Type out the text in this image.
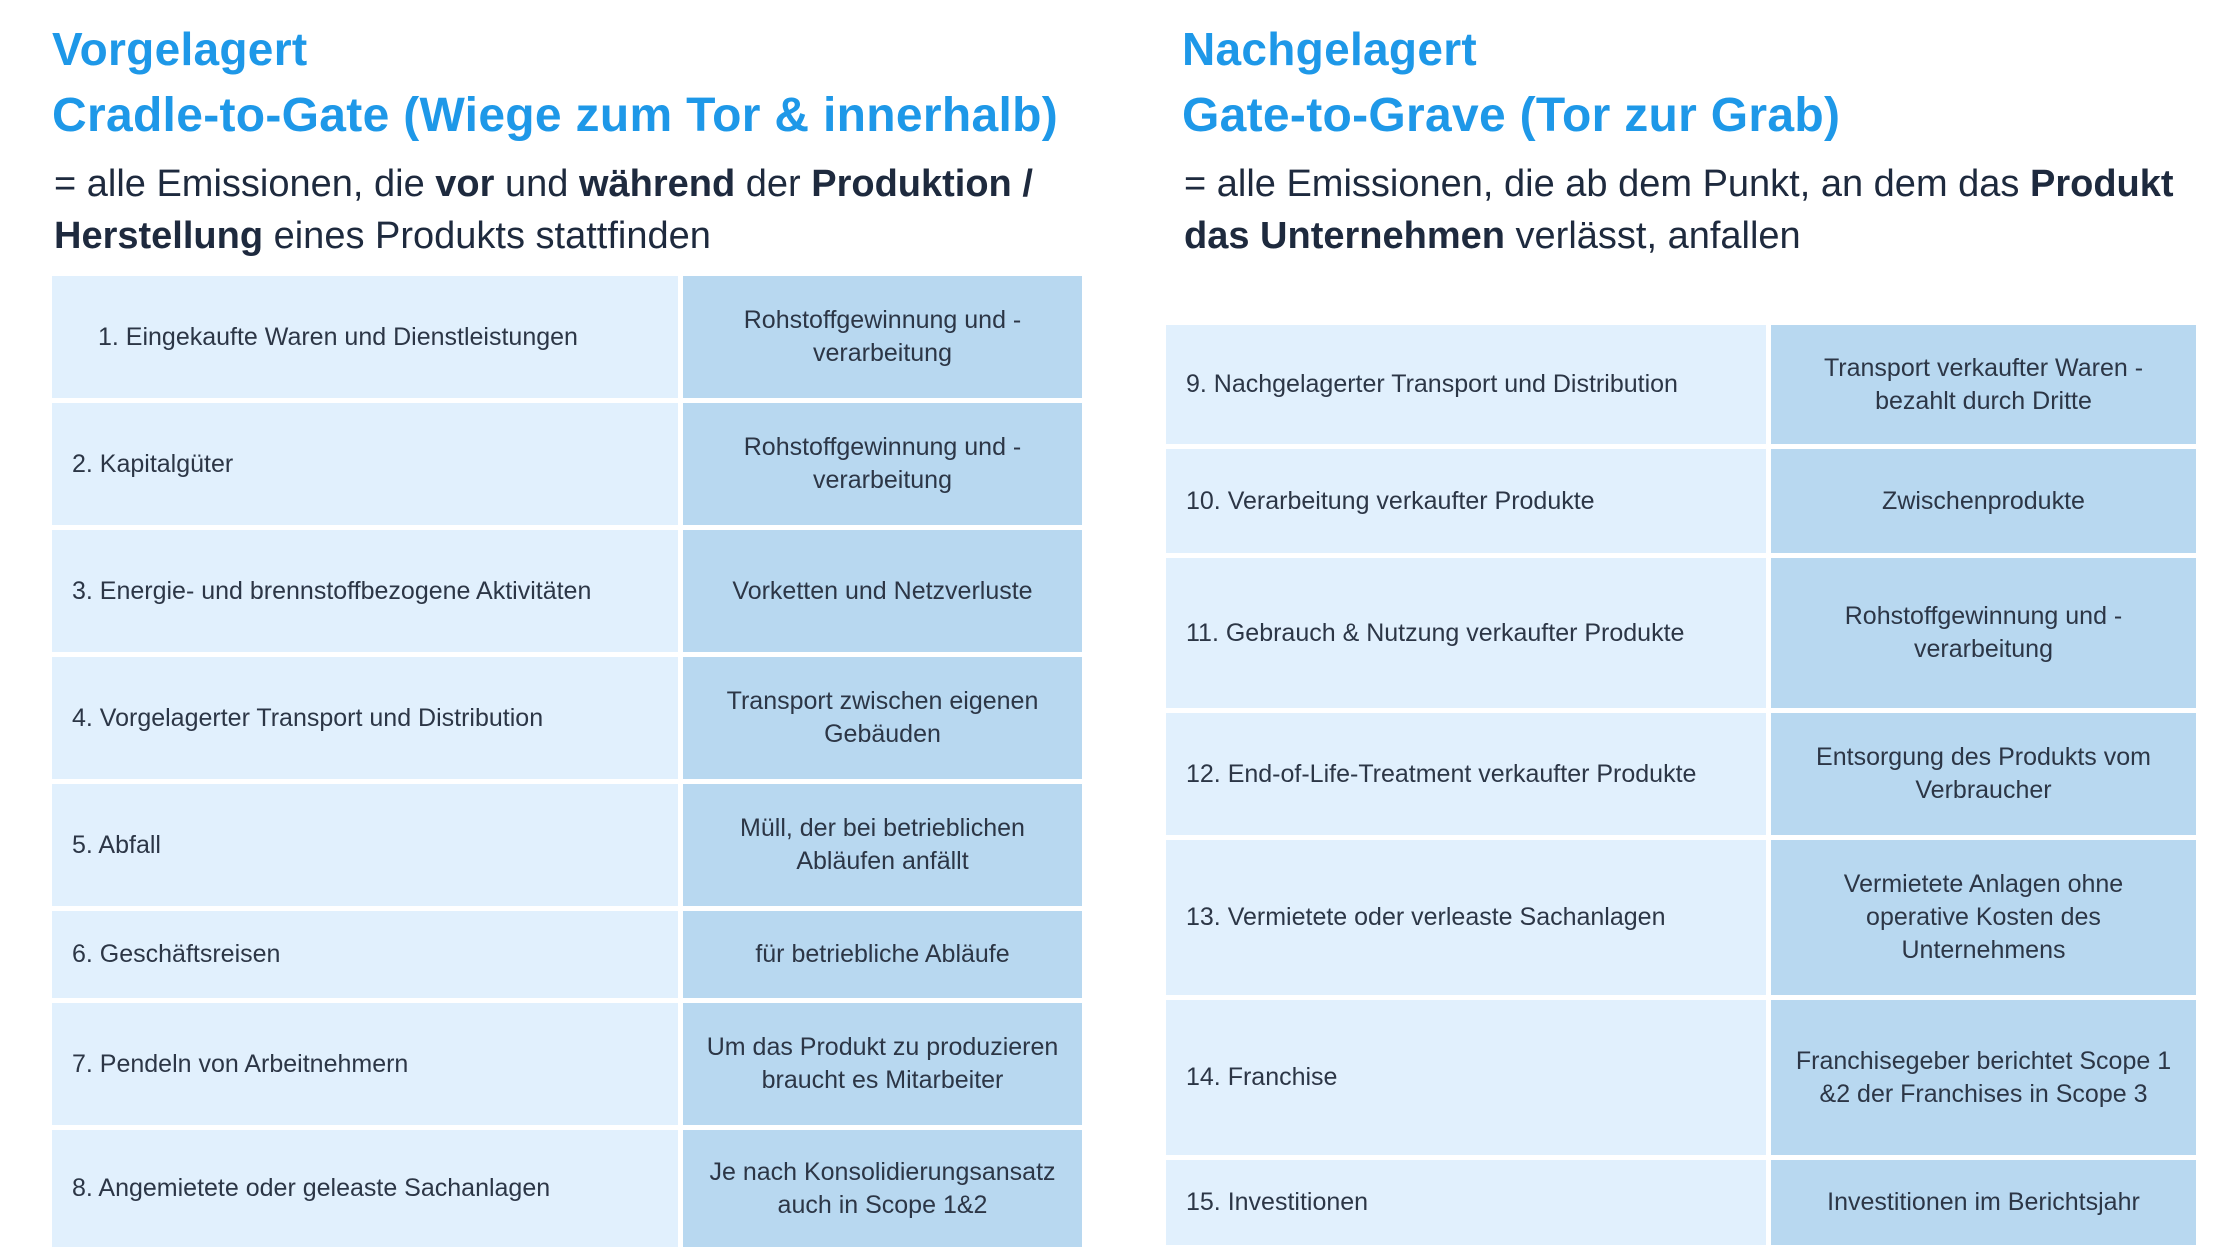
Vorgelagert
Cradle-to-Gate (Wiege zum Tor & innerhalb)
= alle Emissionen, die vor und während der Produktion / Herstellung eines Produkts stattfinden
1. Eingekaufte Waren und Dienstleistungen	Rohstoffgewinnung und -verarbeitung
2. Kapitalgüter	Rohstoffgewinnung und -verarbeitung
3. Energie- und brennstoffbezogene Aktivitäten	Vorketten und Netzverluste
4. Vorgelagerter Transport und Distribution	Transport zwischen eigenen Gebäuden
5. Abfall	Müll, der bei betrieblichen Abläufen anfällt
6. Geschäftsreisen	für betriebliche Abläufe
7. Pendeln von Arbeitnehmern	Um das Produkt zu produzieren braucht es Mitarbeiter
8. Angemietete oder geleaste Sachanlagen	Je nach Konsolidierungsansatz auch in Scope 1&2
Nachgelagert
Gate-to-Grave (Tor zur Grab)
= alle Emissionen, die ab dem Punkt, an dem das Produkt das Unternehmen verlässt, anfallen
9. Nachgelagerter Transport und Distribution	Transport verkaufter Waren - bezahlt durch Dritte
10. Verarbeitung verkaufter Produkte	Zwischenprodukte
11. Gebrauch & Nutzung verkaufter Produkte	Rohstoffgewinnung und -verarbeitung
12. End-of-Life-Treatment verkaufter Produkte	Entsorgung des Produkts vom Verbraucher
13. Vermietete oder verleaste Sachanlagen	Vermietete Anlagen ohne operative Kosten des Unternehmens
14. Franchise	Franchisegeber berichtet Scope 1 &2 der Franchises in Scope 3
15. Investitionen	Investitionen im Berichtsjahr
